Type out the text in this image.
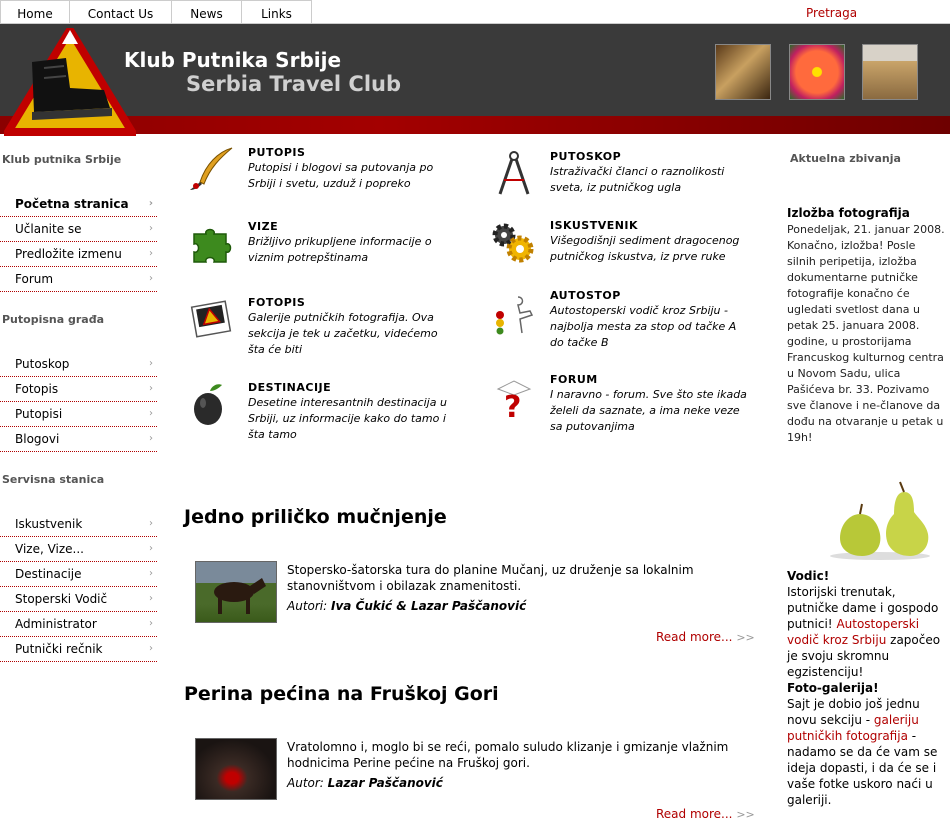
Home	Contact Us	News	Links	Pretraga
Klub Putnika Srbije
Serbia Travel Club
Klub putnika Srbije
Početna stranica ›
Učlanite se	›
Predložite izmenu	›
Forum	›
Putopisna građa
Putoskop	›
Fotopis	›
Putopisi	›
Blogovi	›
Servisna stanica
Iskustvenik	›
Vize, Vize...	›
Destinacije	›
Stoperski Vodič	›
Administrator	›
Putnički rečnik	›
PUTOPIS
Putopisi i blogovi sa putovanja po Srbiji i svetu, uzduž i popreko
PUTOSKOP
Istraživački članci o raznolikosti sveta, iz putničkog ugla
VIZE
Brižljivo prikupljene informacije o viznim potrepštinama
ISKUSTVENIK
Višegodišnji sediment dragocenog putničkog iskustva, iz prve ruke
FOTOPIS
Galerije putničkih fotografija. Ova sekcija je tek u začetku, videćemo šta će biti
AUTOSTOP
Autostoperski vodič kroz Srbiju - najbolja mesta za stop od tačke A do tačke B
DESTINACIJE
Desetine interesantnih destinacija u Srbiji, uz informacije kako do tamo i šta tamo
?
FORUM
I naravno - forum. Sve što ste ikada želeli da saznate, a ima neke veze sa putovanjima
Jedno priličko mučnjenje
Stopersko-šatorska tura do planine Mučanj, uz druženje sa lokalnim stanovništvom i obilazak znamenitosti.
Autori: Iva Čukić & Lazar Paščanović
Read more... >>
Perina pećina na Fruškoj Gori
Vratolomno i, moglo bi se reći, pomalo suludo klizanje i gmizanje vlažnim hodnicima Perine pećine na Fruškoj gori.
Autor: Lazar Paščanović
Read more... >>
Aktuelna zbivanja
Izložba fotografija
Ponedeljak, 21. januar 2008. Konačno, izložba! Posle silnih peripetija, izložba dokumentarne putničke fotografije konačno će ugledati svetlost dana u petak 25. januara 2008. godine, u prostorijama Francuskog kulturnog centra u Novom Sadu, ulica Pašićeva br. 33. Pozivamo sve članove i ne-članove da dođu na otvaranje u petak u 19h!
Vodic!
Istorijski trenutak, putničke dame i gospodo putnici! Autostoperski vodič kroz Srbiju započeo je svoju skromnu egzistenciju!
Foto-galerija!
Sajt je dobio još jednu novu sekciju - galeriju putničkih fotografija - nadamo se da će vam se ideja dopasti, i da će se i vaše fotke uskoro naći u galeriji.
